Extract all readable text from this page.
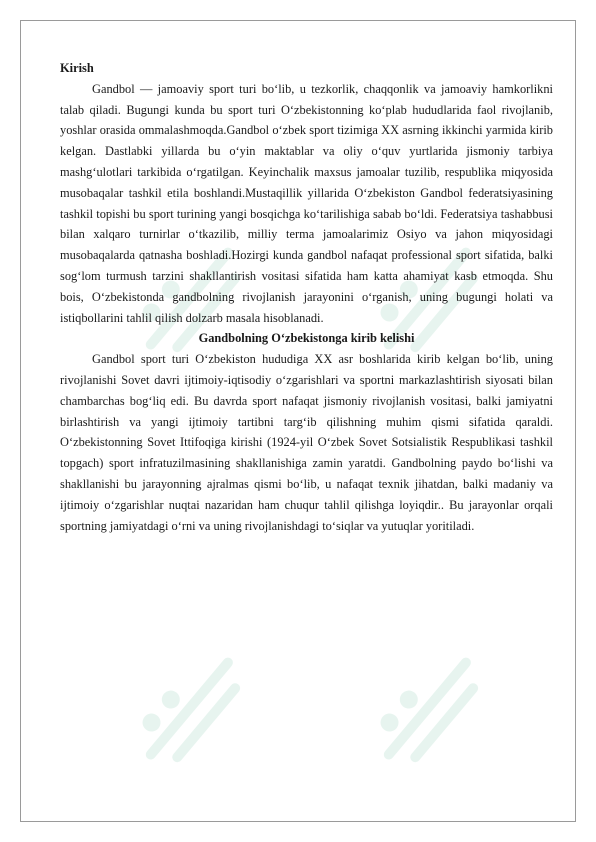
Kirish

Gandbol — jamoaviy sport turi bo‘lib, u tezkorlik, chaqqonlik va jamoaviy hamkorlikni talab qiladi. Bugungi kunda bu sport turi O‘zbekistonning ko‘plab hududlarida faol rivojlanib, yoshlar orasida ommalashmoqda.Gandbol o‘zbek sport tizimiga XX asrning ikkinchi yarmida kirib kelgan. Dastlabki yillarda bu o‘yin maktablar va oliy o‘quv yurtlarida jismoniy tarbiya mashg‘ulotlari tarkibida o‘rgatilgan. Keyinchalik maxsus jamoalar tuzilib, respublika miqyosida musobaqalar tashkil etila boshlandi.Mustaqillik yillarida O‘zbekiston Gandbol federatsiyasining tashkil topishi bu sport turining yangi bosqichga ko‘tarilishiga sabab bo‘ldi. Federatsiya tashabbusi bilan xalqaro turnirlar o‘tkazilib, milliy terma jamoalarimiz Osiyo va jahon miqyosidagi musobaqalarda qatnasha boshladi.Hozirgi kunda gandbol nafaqat professional sport sifatida, balki sog‘lom turmush tarzini shakllantirish vositasi sifatida ham katta ahamiyat kasb etmoqda. Shu bois, O‘zbekistonda gandbolning rivojlanish jarayonini o‘rganish, uning bugungi holati va istiqbollarini tahlil qilish dolzarb masala hisoblanadi.

Gandbolning O‘zbekistonga kirib kelishi

Gandbol sport turi O‘zbekiston hududiga XX asr boshlarida kirib kelgan bo‘lib, uning rivojlanishi Sovet davri ijtimoiy-iqtisodiy o‘zgarishlari va sportni markazlashtirish siyosati bilan chambarchas bog‘liq edi. Bu davrda sport nafaqat jismoniy rivojlanish vositasi, balki jamiyatni birlashtirish va yangi ijtimoiy tartibni targ‘ib qilishning muhim qismi sifatida qaraldi. O‘zbekistonning Sovet Ittifoqiga kirishi (1924-yil O‘zbek Sovet Sotsialistik Respublikasi tashkil topgach) sport infratuzilmasining shakllanishiga zamin yaratdi. Gandbolning paydo bo‘lishi va shakllanishi bu jarayonning ajralmas qismi bo‘lib, u nafaqat texnik jihatdan, balki madaniy va ijtimoiy o‘zgarishlar nuqtai nazaridan ham chuqur tahlil qilishga loyiqdir.. Bu jarayonlar orqali sportning jamiyatdagi o‘rni va uning rivojlanishdagi to‘siqlar va yutuqlar yoritiladi.
